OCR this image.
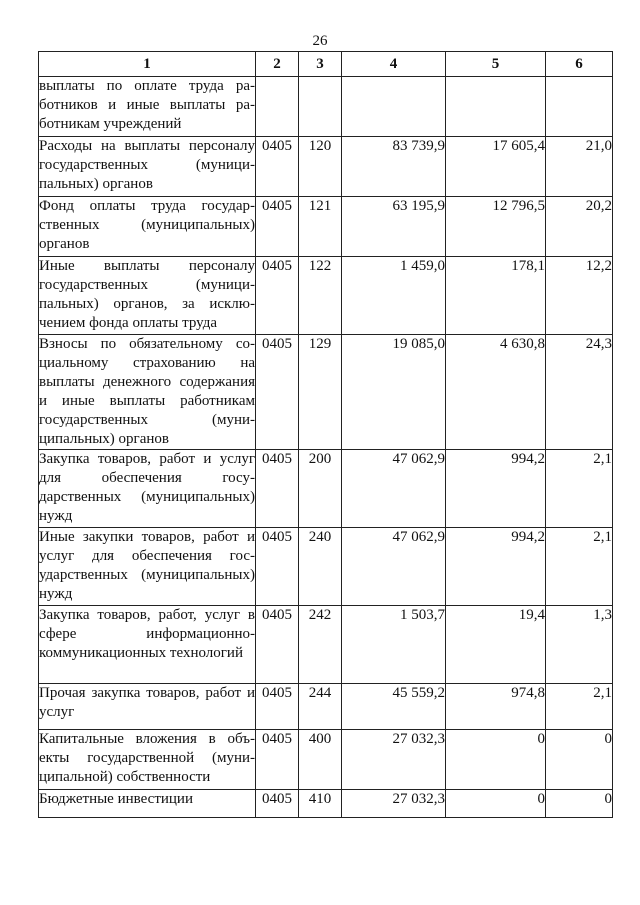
26
1	2	3	4	5	6
выплаты по оплате труда работников и иные выплаты работникам учреждений					
Расходы на выплаты персоналу государственных (муниципальных) органов	0405	120	83 739,9	17 605,4	21,0
Фонд оплаты труда государственных (муниципальных) органов	0405	121	63 195,9	12 796,5	20,2
Иные выплаты персоналу государственных (муниципальных) органов, за исключением фонда оплаты труда	0405	122	1 459,0	178,1	12,2
Взносы по обязательному социальному страхованию на выплаты денежного содержания и иные выплаты работникам государственных (муниципальных) органов	0405	129	19 085,0	4 630,8	24,3
Закупка товаров, работ и услуг для обеспечения государственных (муниципальных) нужд	0405	200	47 062,9	994,2	2,1
Иные закупки товаров, работ и услуг для обеспечения государственных (муниципальных) нужд	0405	240	47 062,9	994,2	2,1
Закупка товаров, работ, услуг в сфере информационно-коммуникационных технологий	0405	242	1 503,7	19,4	1,3
Прочая закупка товаров, работ и услуг	0405	244	45 559,2	974,8	2,1
Капитальные вложения в объекты государственной (муниципальной) собственности	0405	400	27 032,3	0	0
Бюджетные инвестиции	0405	410	27 032,3	0	0
